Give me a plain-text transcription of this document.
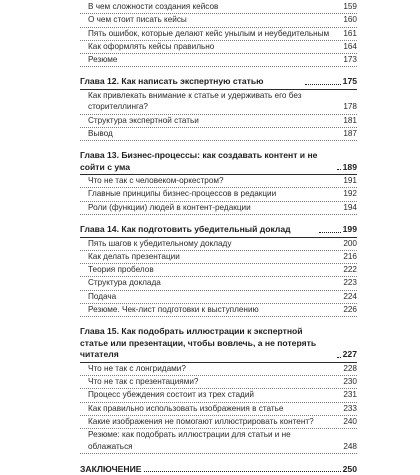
В чем сложности создания кейсов	159
О чем стоит писать кейсы	160
Пять ошибок, которые делают кейс унылым и неубедительным	161
Как оформлять кейсы правильно	164
Резюме	173
Глава 12. Как написать экспертную статью	175
Как привлекать внимание к статье и удерживать его без сторителлинга?	178
Структура экспертной статьи	181
Вывод	187
Глава 13. Бизнес-процессы: как создавать контент и не сойти с ума	189
Что не так с человеком-оркестром?	191
Главные принципы бизнес-процессов в редакции	192
Роли (функции) людей в контент-редакции	194
Глава 14. Как подготовить убедительный доклад	199
Пять шагов к убедительному докладу	200
Как делать презентации	216
Теория пробелов	222
Структура доклада	223
Подача	224
Резюме. Чек-лист подготовки к выступлению	226
Глава 15. Как подобрать иллюстрации к экспертной статье или презентации, чтобы вовлечь, а не потерять читателя	227
Что не так с лонгридами?	228
Что не так с презентациями?	230
Процесс убеждения состоит из трех стадий	231
Как правильно использовать изображения в статье	233
Какие изображения не помогают иллюстрировать контент?	240
Резюме: как подобрать иллюстрации для статьи и не облажаться	248
ЗАКЛЮЧЕНИЕ	250
